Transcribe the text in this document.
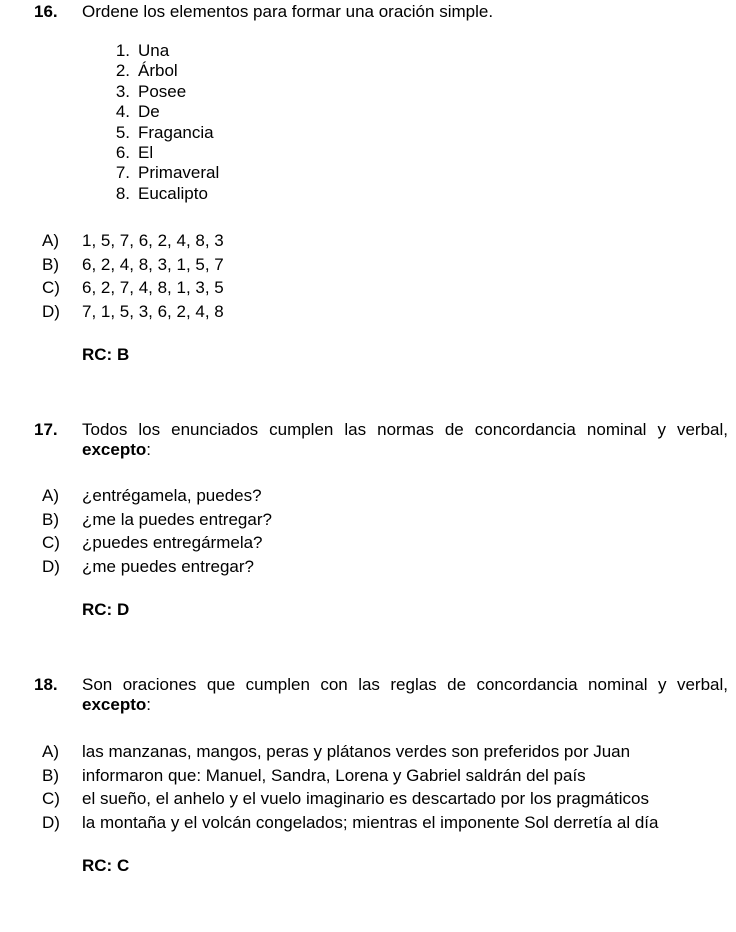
16. Ordene los elementos para formar una oración simple.
1. Una
2. Árbol
3. Posee
4. De
5. Fragancia
6. El
7. Primaveral
8. Eucalipto
A)	1, 5, 7, 6, 2, 4, 8, 3
B)	6, 2, 4, 8, 3, 1, 5, 7
C)	6, 2, 7, 4, 8, 1, 3, 5
D)	7, 1, 5, 3, 6, 2, 4, 8
RC: B
17. Todos los enunciados cumplen las normas de concordancia nominal y verbal,
excepto:
A)	¿entrégamela, puedes?
B)	¿me la puedes entregar?
C)	¿puedes entregármela?
D)	¿me puedes entregar?
RC: D
18. Son oraciones que cumplen con las reglas de concordancia nominal y verbal,
excepto:
A)	las manzanas, mangos, peras y plátanos verdes son preferidos por Juan
B)	informaron que: Manuel, Sandra, Lorena y Gabriel saldrán del país
C)	el sueño, el anhelo y el vuelo imaginario es descartado por los pragmáticos
D)	la montaña y el volcán congelados; mientras el imponente Sol derretía al día
RC: C
